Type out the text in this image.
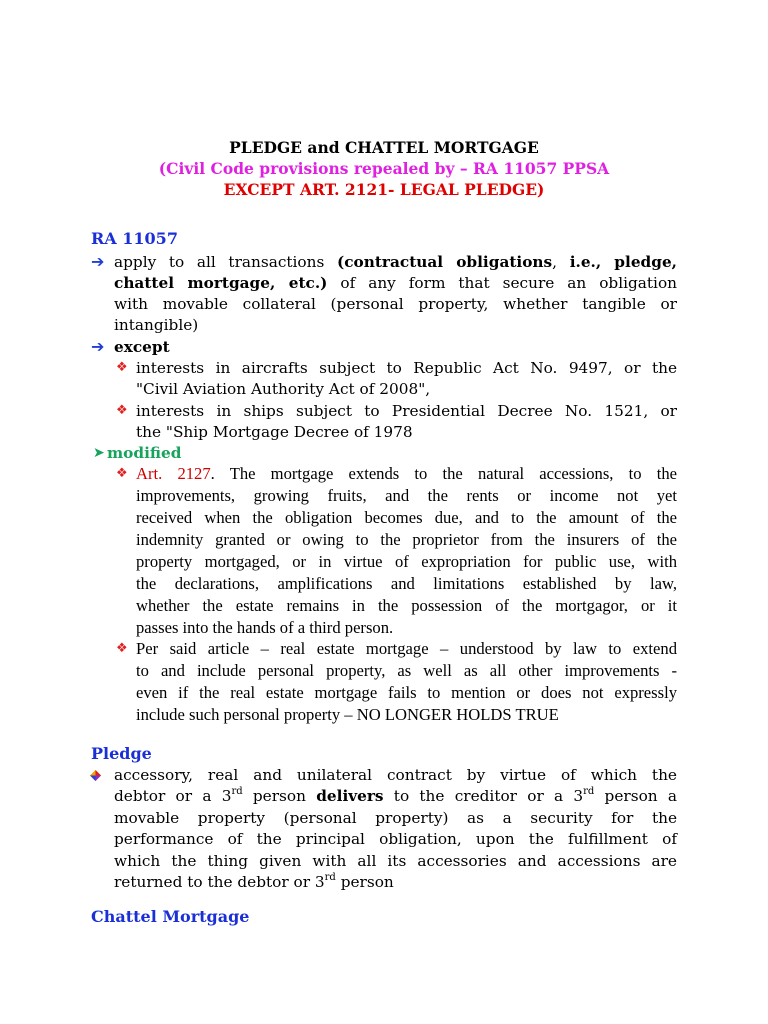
PLEDGE and CHATTEL MORTGAGE
(Civil Code provisions repealed by – RA 11057 PPSA
EXCEPT ART. 2121- LEGAL PLEDGE)
RA 11057
➔ apply to all transactions (contractual obligations, i.e., pledge,
chattel mortgage, etc.) of any form that secure an obligation
with movable collateral (personal property, whether tangible or
intangible)
➔ except
❖ interests in aircrafts subject to Republic Act No. 9497, or the
"Civil Aviation Authority Act of 2008",
❖ interests in ships subject to Presidential Decree No. 1521, or
the "Ship Mortgage Decree of 1978
➤ modified
❖ Art. 2127. The mortgage extends to the natural accessions, to the
improvements, growing fruits, and the rents or income not yet
received when the obligation becomes due, and to the amount of the
indemnity granted or owing to the proprietor from the insurers of the
property mortgaged, or in virtue of expropriation for public use, with
the declarations, amplifications and limitations established by law,
whether the estate remains in the possession of the mortgagor, or it
passes into the hands of a third person.
❖ Per said article – real estate mortgage – understood by law to extend
to and include personal property, as well as all other improvements -
even if the real estate mortgage fails to mention or does not expressly
include such personal property – NO LONGER HOLDS TRUE
Pledge
accessory, real and unilateral contract by virtue of which the
debtor or a 3rd person delivers to the creditor or a 3rd person a
movable property (personal property) as a security for the
performance of the principal obligation, upon the fulfillment of
which the thing given with all its accessories and accessions are
returned to the debtor or 3rd person
Chattel Mortgage
